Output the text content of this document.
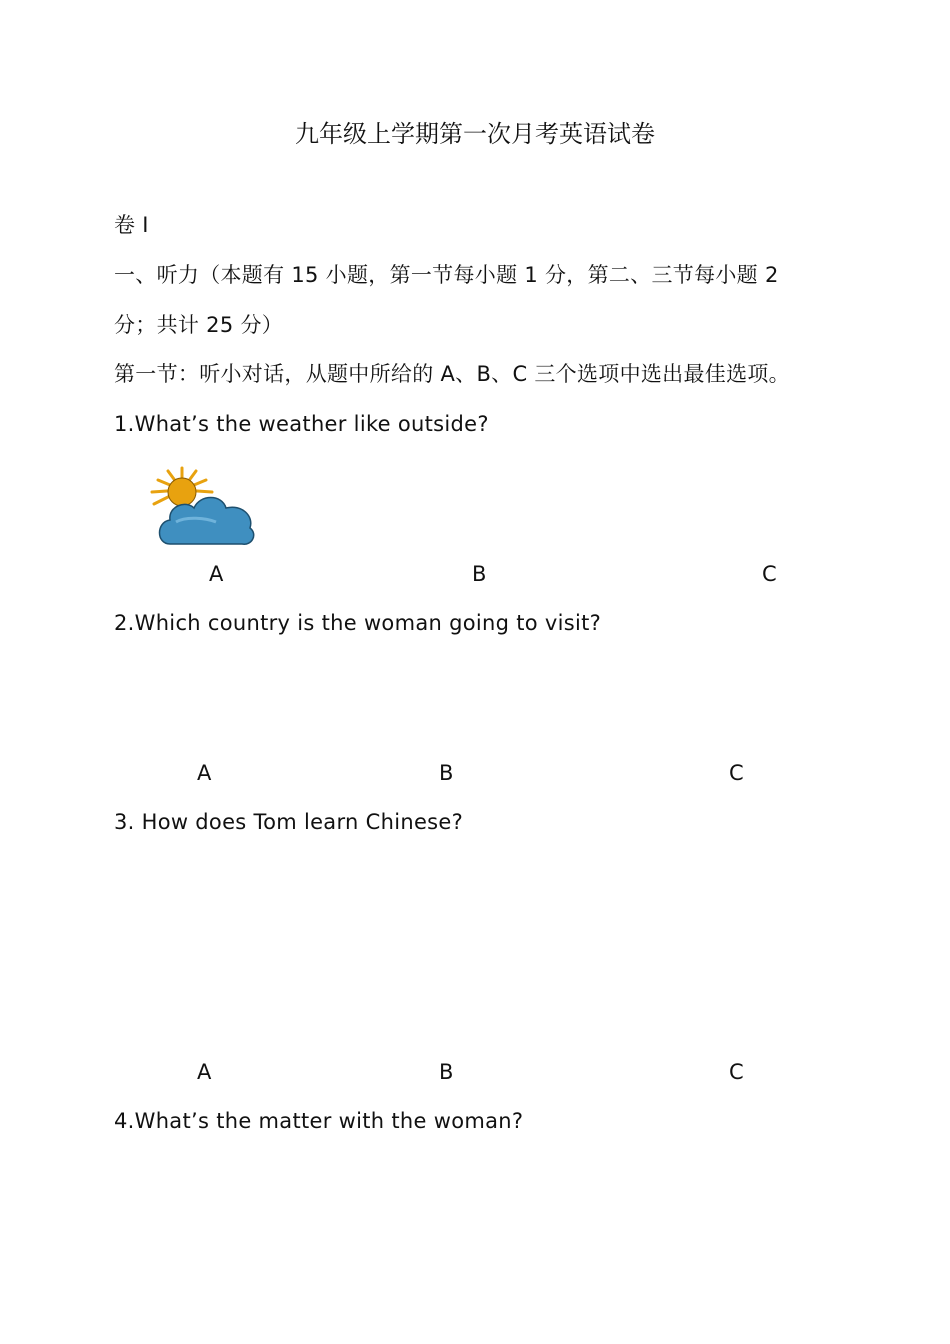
九年级上学期第一次月考英语试卷
卷 Ⅰ
一、听力（本题有 15 小题，第一节每小题 1 分，第二、三节每小题 2
分；共计 25 分）
第一节：听小对话，从题中所给的 A、B、C 三个选项中选出最佳选项。
1.What’s the weather like outside?
A	B	C
2.Which country is the woman going to visit?
A	B	C
3. How does Tom learn Chinese?
A	B	C
4.What’s the matter with the woman?
